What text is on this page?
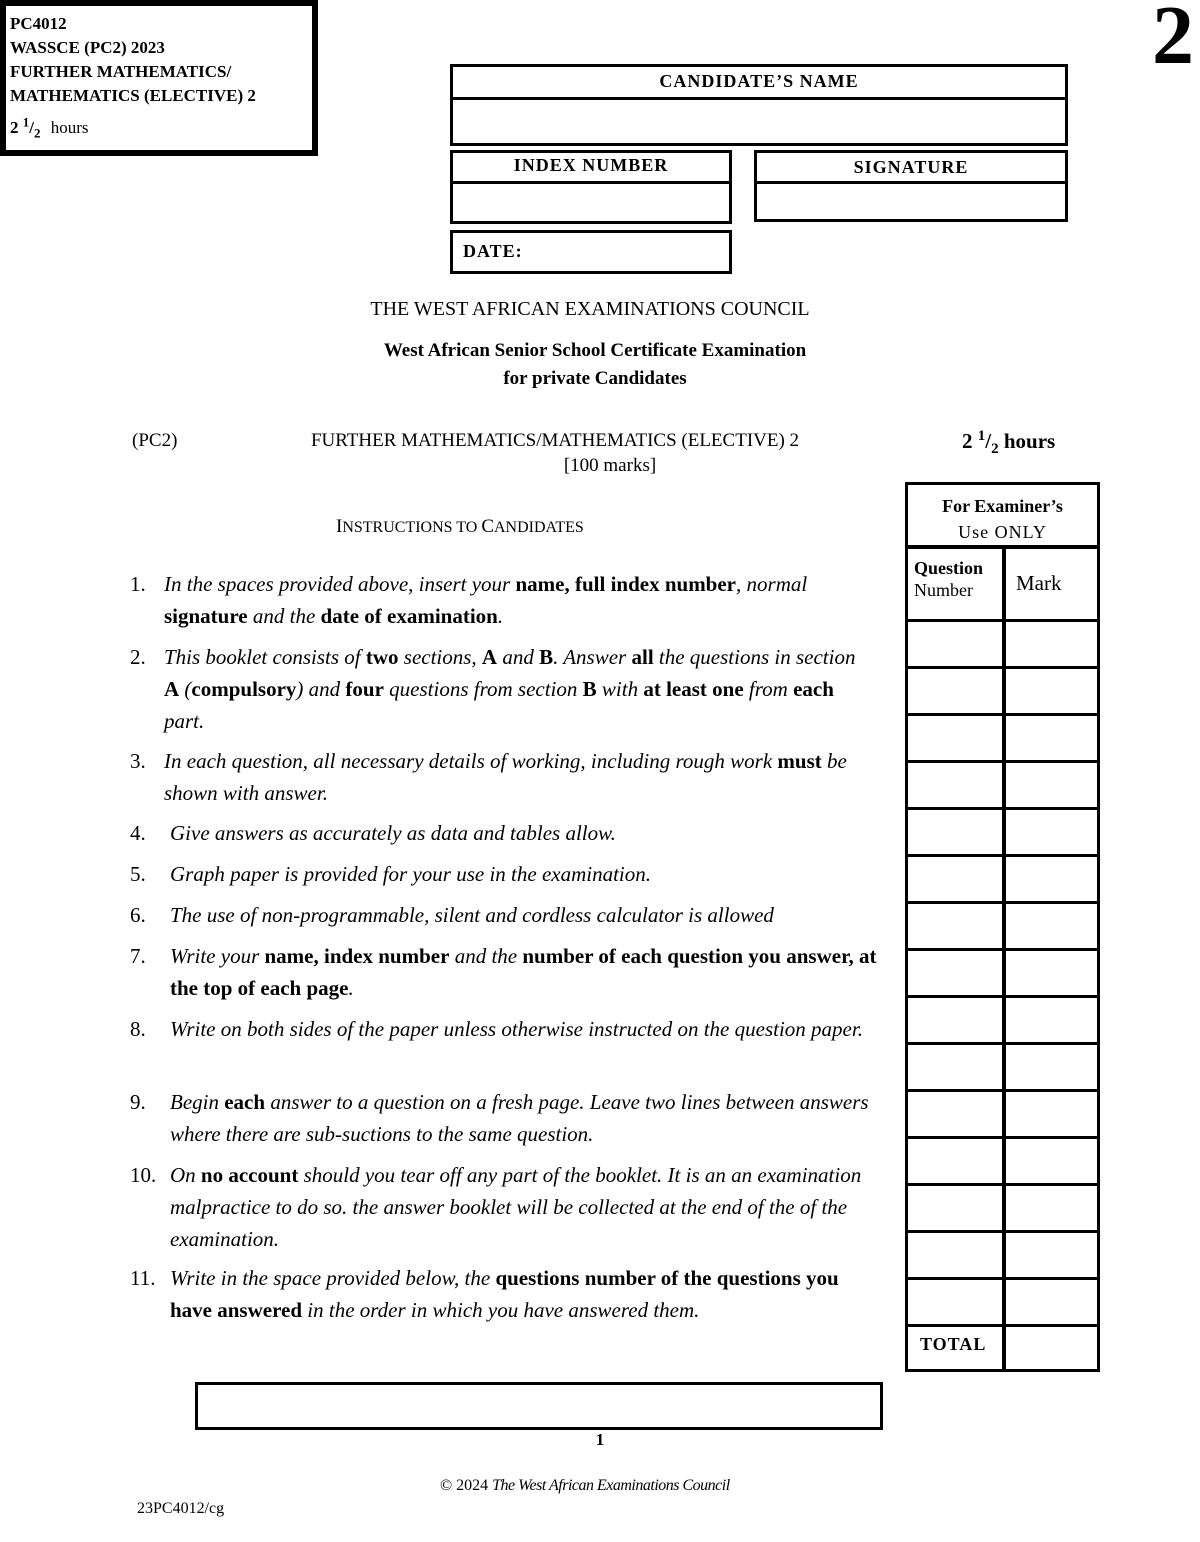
PC4012
WASSCE (PC2) 2023
FURTHER MATHEMATICS/
MATHEMATICS (ELECTIVE) 2
2 $^1/_2$ hours
2
CANDIDATE’S NAME
INDEX NUMBER	SIGNATURE
DATE:
THE WEST AFRICAN EXAMINATIONS COUNCIL
West African Senior School Certificate Examination
for private Candidates
(PC2)	FURTHER MATHEMATICS/MATHEMATICS (ELECTIVE) 2
[100 marks]
2 $^1/_2$ hours
INSTRUCTIONS TO CANDIDATES
1. In the spaces provided above, insert your name, full index number, normal signature and the date of examination.
2. This booklet consists of two sections, A and B. Answer all the questions in section A (compulsory) and four questions from section B with at least one from each part.
3. In each question, all necessary details of working, including rough work must be shown with answer.
4.	Give answers as accurately as data and tables allow.
5.	Graph paper is provided for your use in the examination.
6.	The use of non-programmable, silent and cordless calculator is allowed
7.	Write your name, index number and the number of each question you answer, at the top of each page.
8.	Write on both sides of the paper unless otherwise instructed on the question paper.
9.	Begin each answer to a question on a fresh page. Leave two lines between answers where there are sub-suctions to the same question.
10. On no account should you tear off any part of the booklet. It is an an examination malpractice to do so. the answer booklet will be collected at the end of the of the examination.
11. Write in the space provided below, the questions number of the questions you have answered in the order in which you have answered them.
For Examiner’s
Use ONLY
Question
Number	Mark
TOTAL
1
© 2024 The West African Examinations Council
23PC4012/cg
